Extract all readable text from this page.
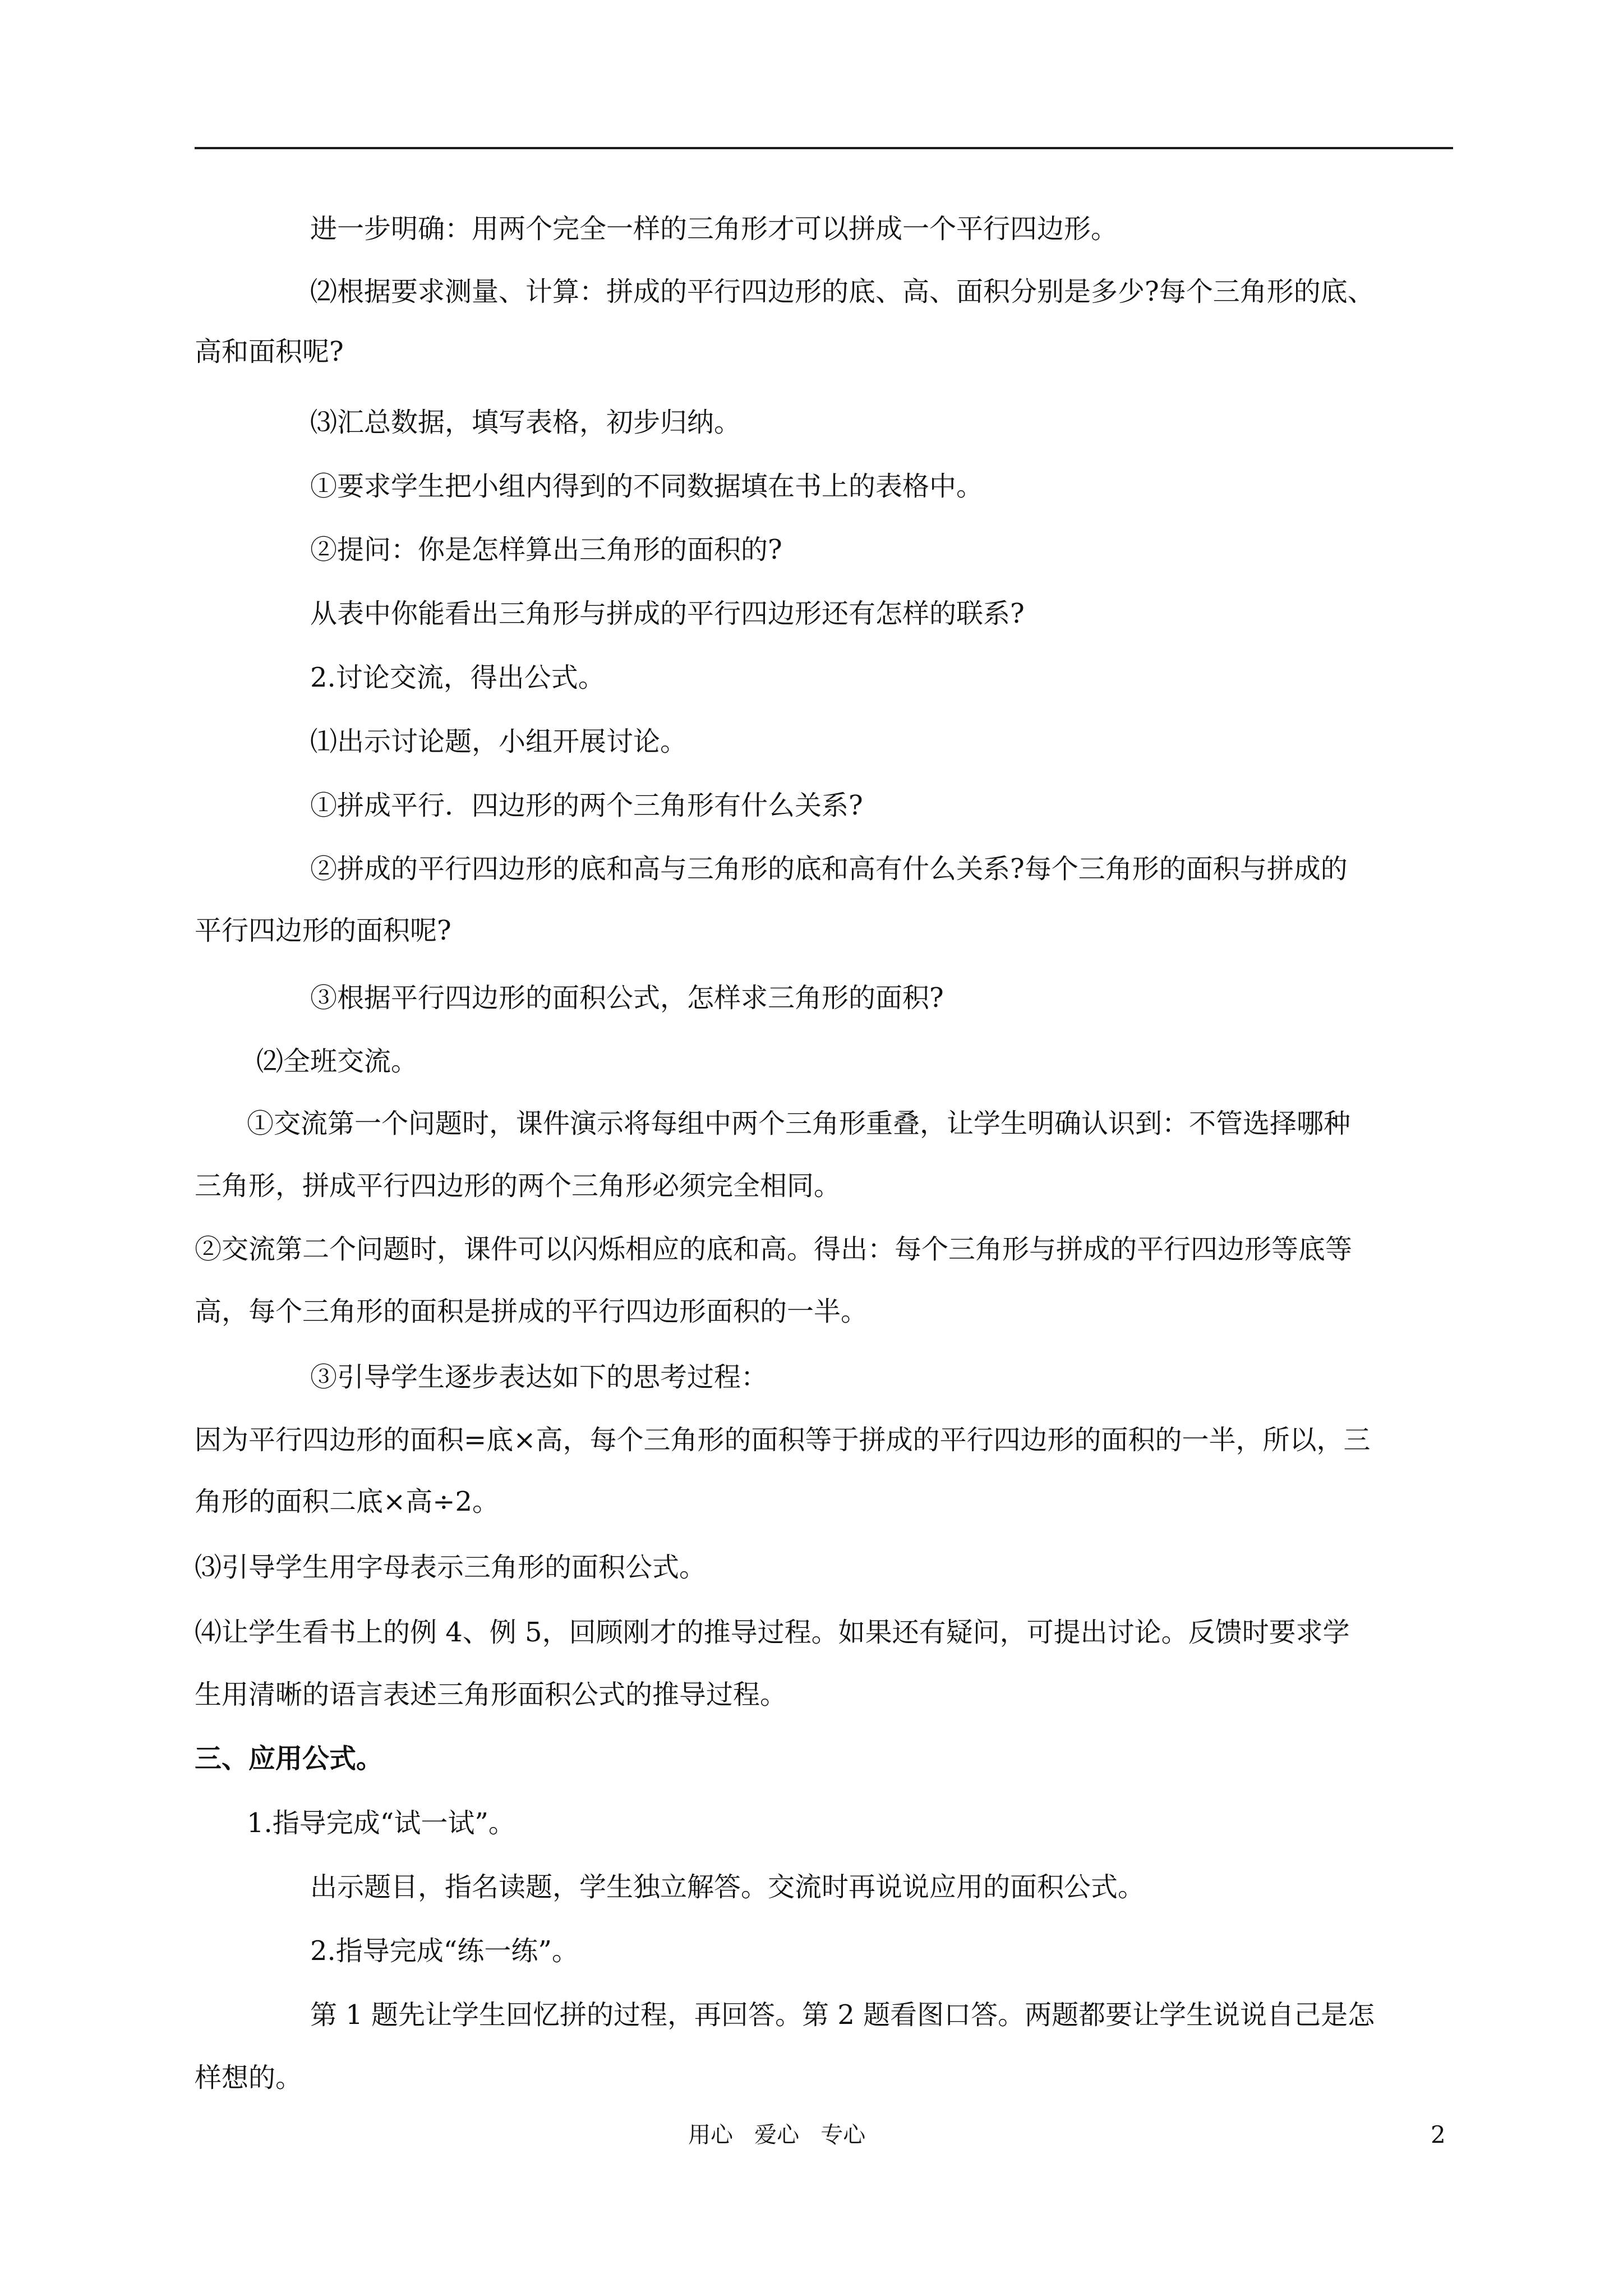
进一步明确：用两个完全一样的三角形才可以拼成一个平行四边形。
⑵根据要求测量、计算：拼成的平行四边形的底、高、面积分别是多少?每个三角形的底、
高和面积呢?
⑶汇总数据，填写表格，初步归纳。
①要求学生把小组内得到的不同数据填在书上的表格中。
②提问：你是怎样算出三角形的面积的?
从表中你能看出三角形与拼成的平行四边形还有怎样的联系?
2.讨论交流，得出公式。
⑴出示讨论题，小组开展讨论。
①拼成平行．四边形的两个三角形有什么关系?
②拼成的平行四边形的底和高与三角形的底和高有什么关系?每个三角形的面积与拼成的
平行四边形的面积呢?
③根据平行四边形的面积公式，怎样求三角形的面积?
⑵全班交流。
①交流第一个问题时，课件演示将每组中两个三角形重叠，让学生明确认识到：不管选择哪种
三角形，拼成平行四边形的两个三角形必须完全相同。
②交流第二个问题时，课件可以闪烁相应的底和高。得出：每个三角形与拼成的平行四边形等底等
高，每个三角形的面积是拼成的平行四边形面积的一半。
③引导学生逐步表达如下的思考过程：
因为平行四边形的面积=底×高，每个三角形的面积等于拼成的平行四边形的面积的一半，所以，三
角形的面积二底×高÷2。
⑶引导学生用字母表示三角形的面积公式。
⑷让学生看书上的例 4、例 5，回顾刚才的推导过程。如果还有疑问，可提出讨论。反馈时要求学
生用清晰的语言表述三角形面积公式的推导过程。
三、应用公式。
1.指导完成“试一试”。
出示题目，指名读题，学生独立解答。交流时再说说应用的面积公式。
2.指导完成“练一练”。
第 1 题先让学生回忆拼的过程，再回答。第 2 题看图口答。两题都要让学生说说自己是怎
样想的。
用心   爱心   专心	2
